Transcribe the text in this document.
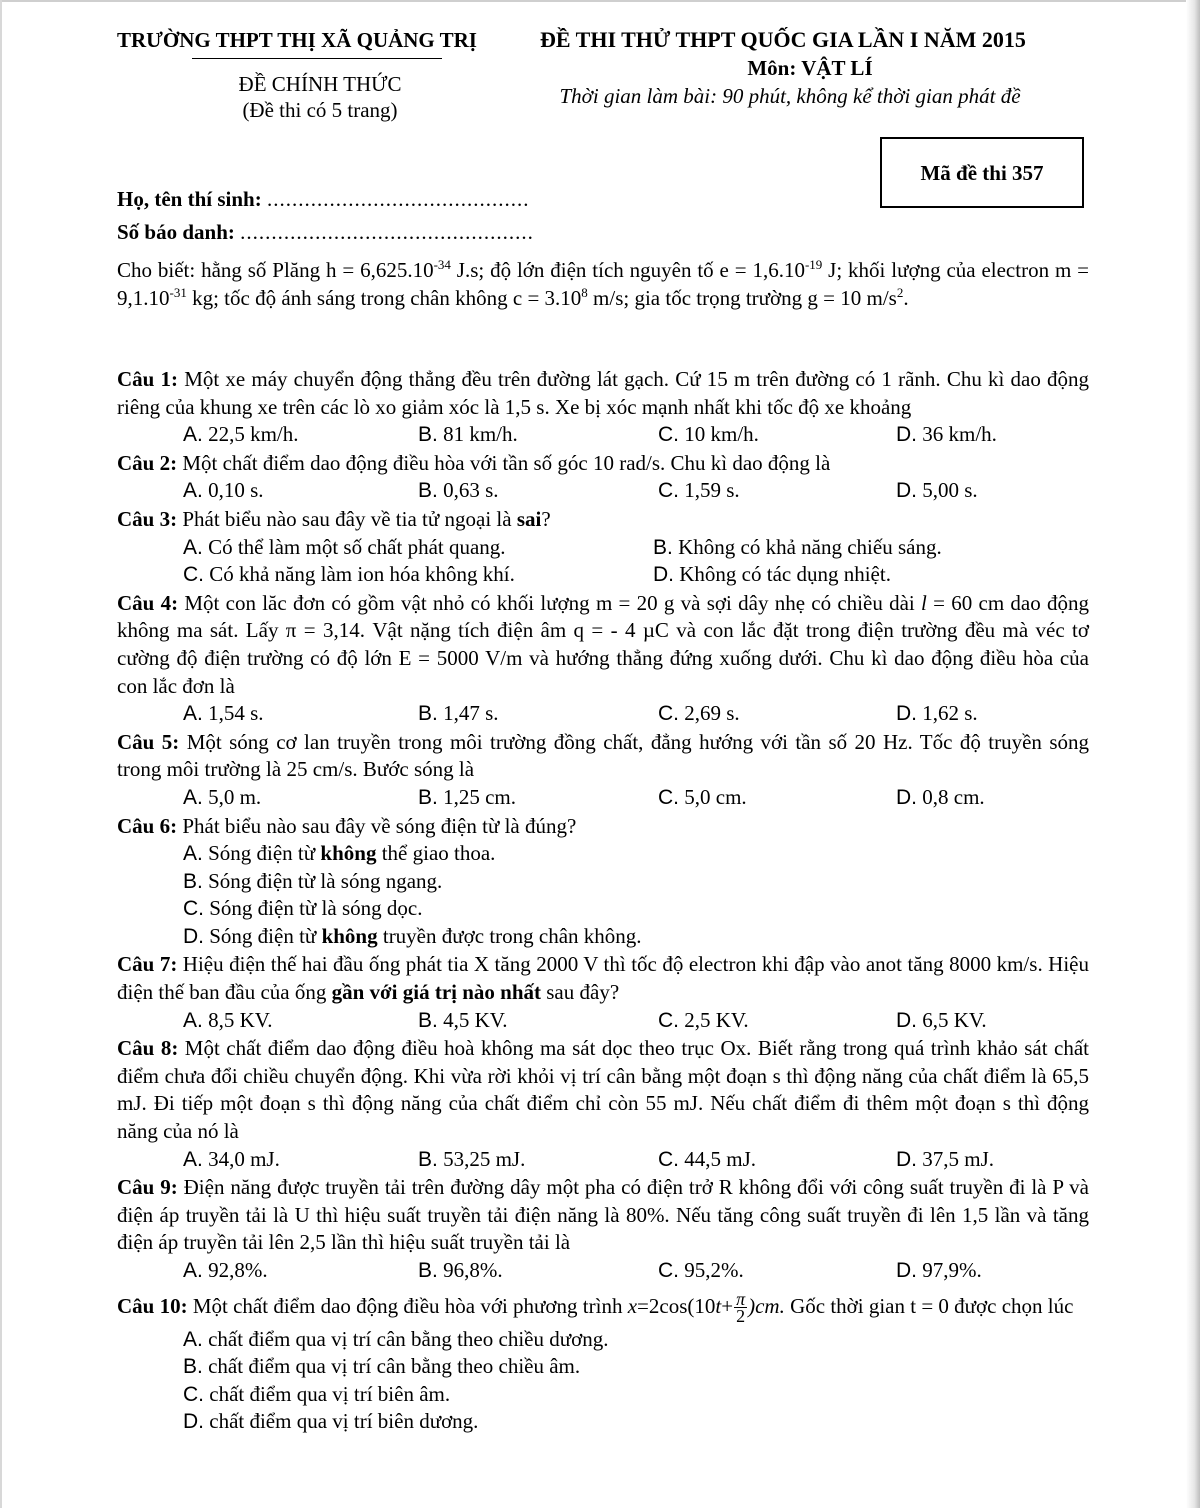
TRƯỜNG THPT THỊ XÃ QUẢNG TRỊ
ĐỀ CHÍNH THỨC
(Đề thi có 5 trang)
ĐỀ THI THỬ THPT QUỐC GIA LẦN I NĂM 2015
Môn: VẬT LÍ
Thời gian làm bài: 90 phút, không kể thời gian phát đề
Mã đề thi 357
Họ, tên thí sinh: ..........................................
Số báo danh: ...............................................
Cho biết: hằng số Plăng $h = 6,625.10^{-34}$ J.s; độ lớn điện tích nguyên tố $e = 1,6.10^{-19}$ J; khối lượng của electron $m = 9,1.10^{-31}$ kg; tốc độ ánh sáng trong chân không $c = 3.10^8$ m/s; gia tốc trọng trường g = 10 $m/s^2$.

Câu 1: Một xe máy chuyển động thẳng đều trên đường lát gạch. Cứ 15 m trên đường có 1 rãnh. Chu kì dao động riêng của khung xe trên các lò xo giảm xóc là 1,5 s. Xe bị xóc mạnh nhất khi tốc độ xe khoảng

A. 22,5 km/h.	B. 81 km/h.	C. 10 km/h.	D. 36 km/h.

Câu 2: Một chất điểm dao động điều hòa với tần số góc 10 rad/s. Chu kì dao động là

A. 0,10 s.	B. 0,63 s.	C. 1,59 s.	D. 5,00 s.

Câu 3: Phát biểu nào sau đây về tia tử ngoại là sai?

A. Có thể làm một số chất phát quang.	B. Không có khả năng chiếu sáng.
C. Có khả năng làm ion hóa không khí.	D. Không có tác dụng nhiệt.

Câu 4: Một con lăc đơn có gồm vật nhỏ có khối lượng m = 20 g và sợi dây nhẹ có chiều dài l = 60 cm dao động không ma sát. Lấy π = 3,14. Vật nặng tích điện âm q = - 4 µC và con lắc đặt trong điện trường đều mà véc tơ cường độ điện trường có độ lớn E = 5000 V/m và hướng thẳng đứng xuống dưới. Chu kì dao động điều hòa của con lắc đơn là

A. 1,54 s.	B. 1,47 s.	C. 2,69 s.	D. 1,62 s.

Câu 5: Một sóng cơ lan truyền trong môi trường đồng chất, đẳng hướng với tần số 20 Hz. Tốc độ truyền sóng trong môi trường là 25 cm/s. Bước sóng là

A. 5,0 m.	B. 1,25 cm.	C. 5,0 cm.	D. 0,8 cm.

Câu 6: Phát biểu nào sau đây về sóng điện từ là đúng?

A. Sóng điện từ không thể giao thoa.
B. Sóng điện từ là sóng ngang.
C. Sóng điện từ là sóng dọc.
D. Sóng điện từ không truyền được trong chân không.

Câu 7: Hiệu điện thế hai đầu ống phát tia X tăng 2000 V thì tốc độ electron khi đập vào anot tăng 8000 km/s. Hiệu điện thế ban đầu của ống gần với giá trị nào nhất sau đây?

A. 8,5 KV.	B. 4,5 KV.	C. 2,5 KV.	D. 6,5 KV.

Câu 8: Một chất điểm dao động điều hoà không ma sát dọc theo trục Ox. Biết rằng trong quá trình khảo sát chất điểm chưa đổi chiều chuyển động. Khi vừa rời khỏi vị trí cân bằng một đoạn s thì động năng của chất điểm là 65,5 mJ. Đi tiếp một đoạn s thì động năng của chất điểm chỉ còn 55 mJ. Nếu chất điểm đi thêm một đoạn s thì động năng của nó là

A. 34,0 mJ.	B. 53,25 mJ.	C. 44,5 mJ.	D. 37,5 mJ.

Câu 9: Điện năng được truyền tải trên đường dây một pha có điện trở R không đổi với công suất truyền đi là P và điện áp truyền tải là U thì hiệu suất truyền tải điện năng là 80%. Nếu tăng công suất truyền đi lên 1,5 lần và tăng điện áp truyền tải lên 2,5 lần thì hiệu suất truyền tải là

A. 92,8%.	B. 96,8%.	C. 95,2%.	D. 97,9%.

Câu 10: Một chất điểm dao động điều hòa với phương trình $x=2\cos(10t+ \frac{\pi}{2} )cm$. Gốc thời gian t = 0 được chọn lúc

A. chất điểm qua vị trí cân bằng theo chiều dương.
B. chất điểm qua vị trí cân bằng theo chiều âm.
C. chất điểm qua vị trí biên âm.
D. chất điểm qua vị trí biên dương.
